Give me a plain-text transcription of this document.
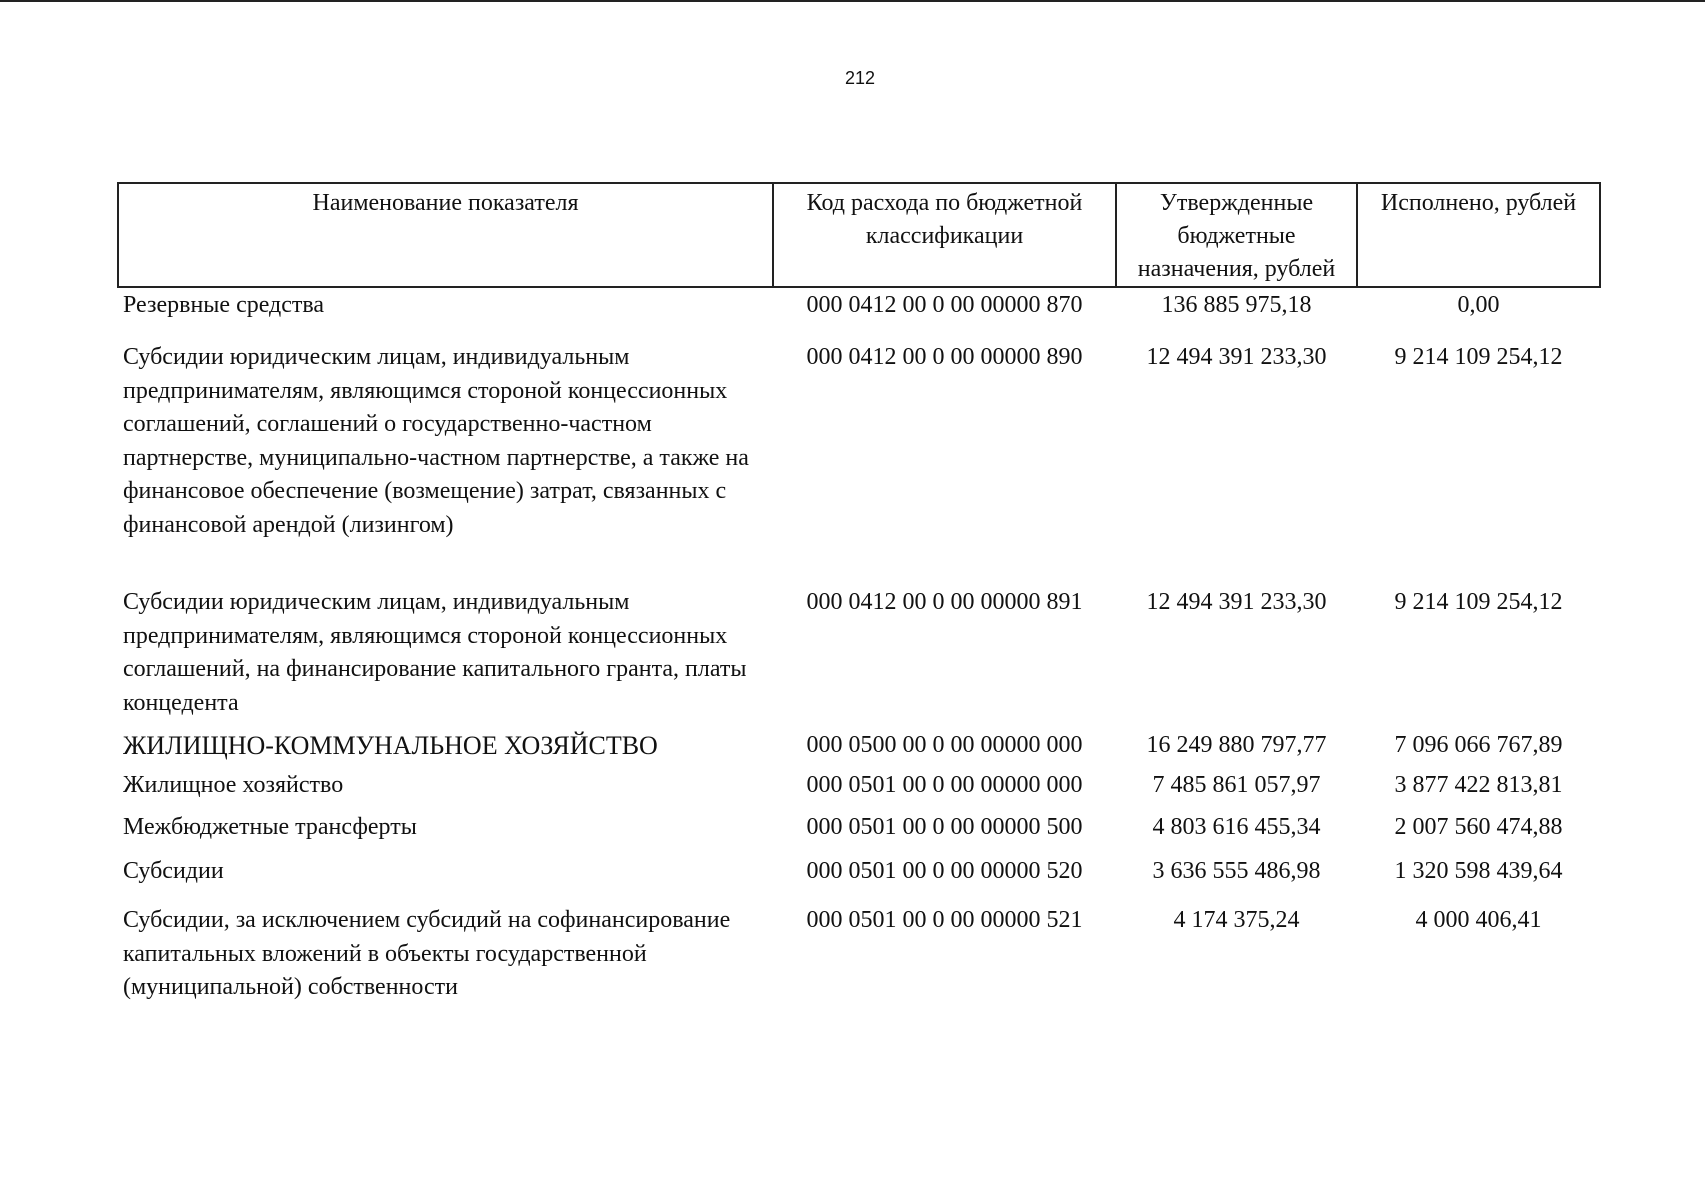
212
Наименование показателя	Код расхода по бюджетной классификации	Утвержденные бюджетные назначения, рублей	Исполнено, рублей
Резервные средства	000 0412 00 0 00 00000 870	136 885 975,18	0,00
Субсидии юридическим лицам, индивидуальным предпринимателям, являющимся стороной концессионных соглашений, соглашений о государственно-частном партнерстве, муниципально-частном партнерстве, а также на финансовое обеспечение (возмещение) затрат, связанных с финансовой арендой (лизингом)	000 0412 00 0 00 00000 890	12 494 391 233,30	9 214 109 254,12
Субсидии юридическим лицам, индивидуальным предпринимателям, являющимся стороной концессионных соглашений, на финансирование капитального гранта, платы концедента	000 0412 00 0 00 00000 891	12 494 391 233,30	9 214 109 254,12
ЖИЛИЩНО-КОММУНАЛЬНОЕ ХОЗЯЙСТВО	000 0500 00 0 00 00000 000	16 249 880 797,77	7 096 066 767,89
Жилищное хозяйство	000 0501 00 0 00 00000 000	7 485 861 057,97	3 877 422 813,81
Межбюджетные трансферты	000 0501 00 0 00 00000 500	4 803 616 455,34	2 007 560 474,88
Субсидии	000 0501 00 0 00 00000 520	3 636 555 486,98	1 320 598 439,64
Субсидии, за исключением субсидий на софинансирование капитальных вложений в объекты государственной (муниципальной) собственности	000 0501 00 0 00 00000 521	4 174 375,24	4 000 406,41
